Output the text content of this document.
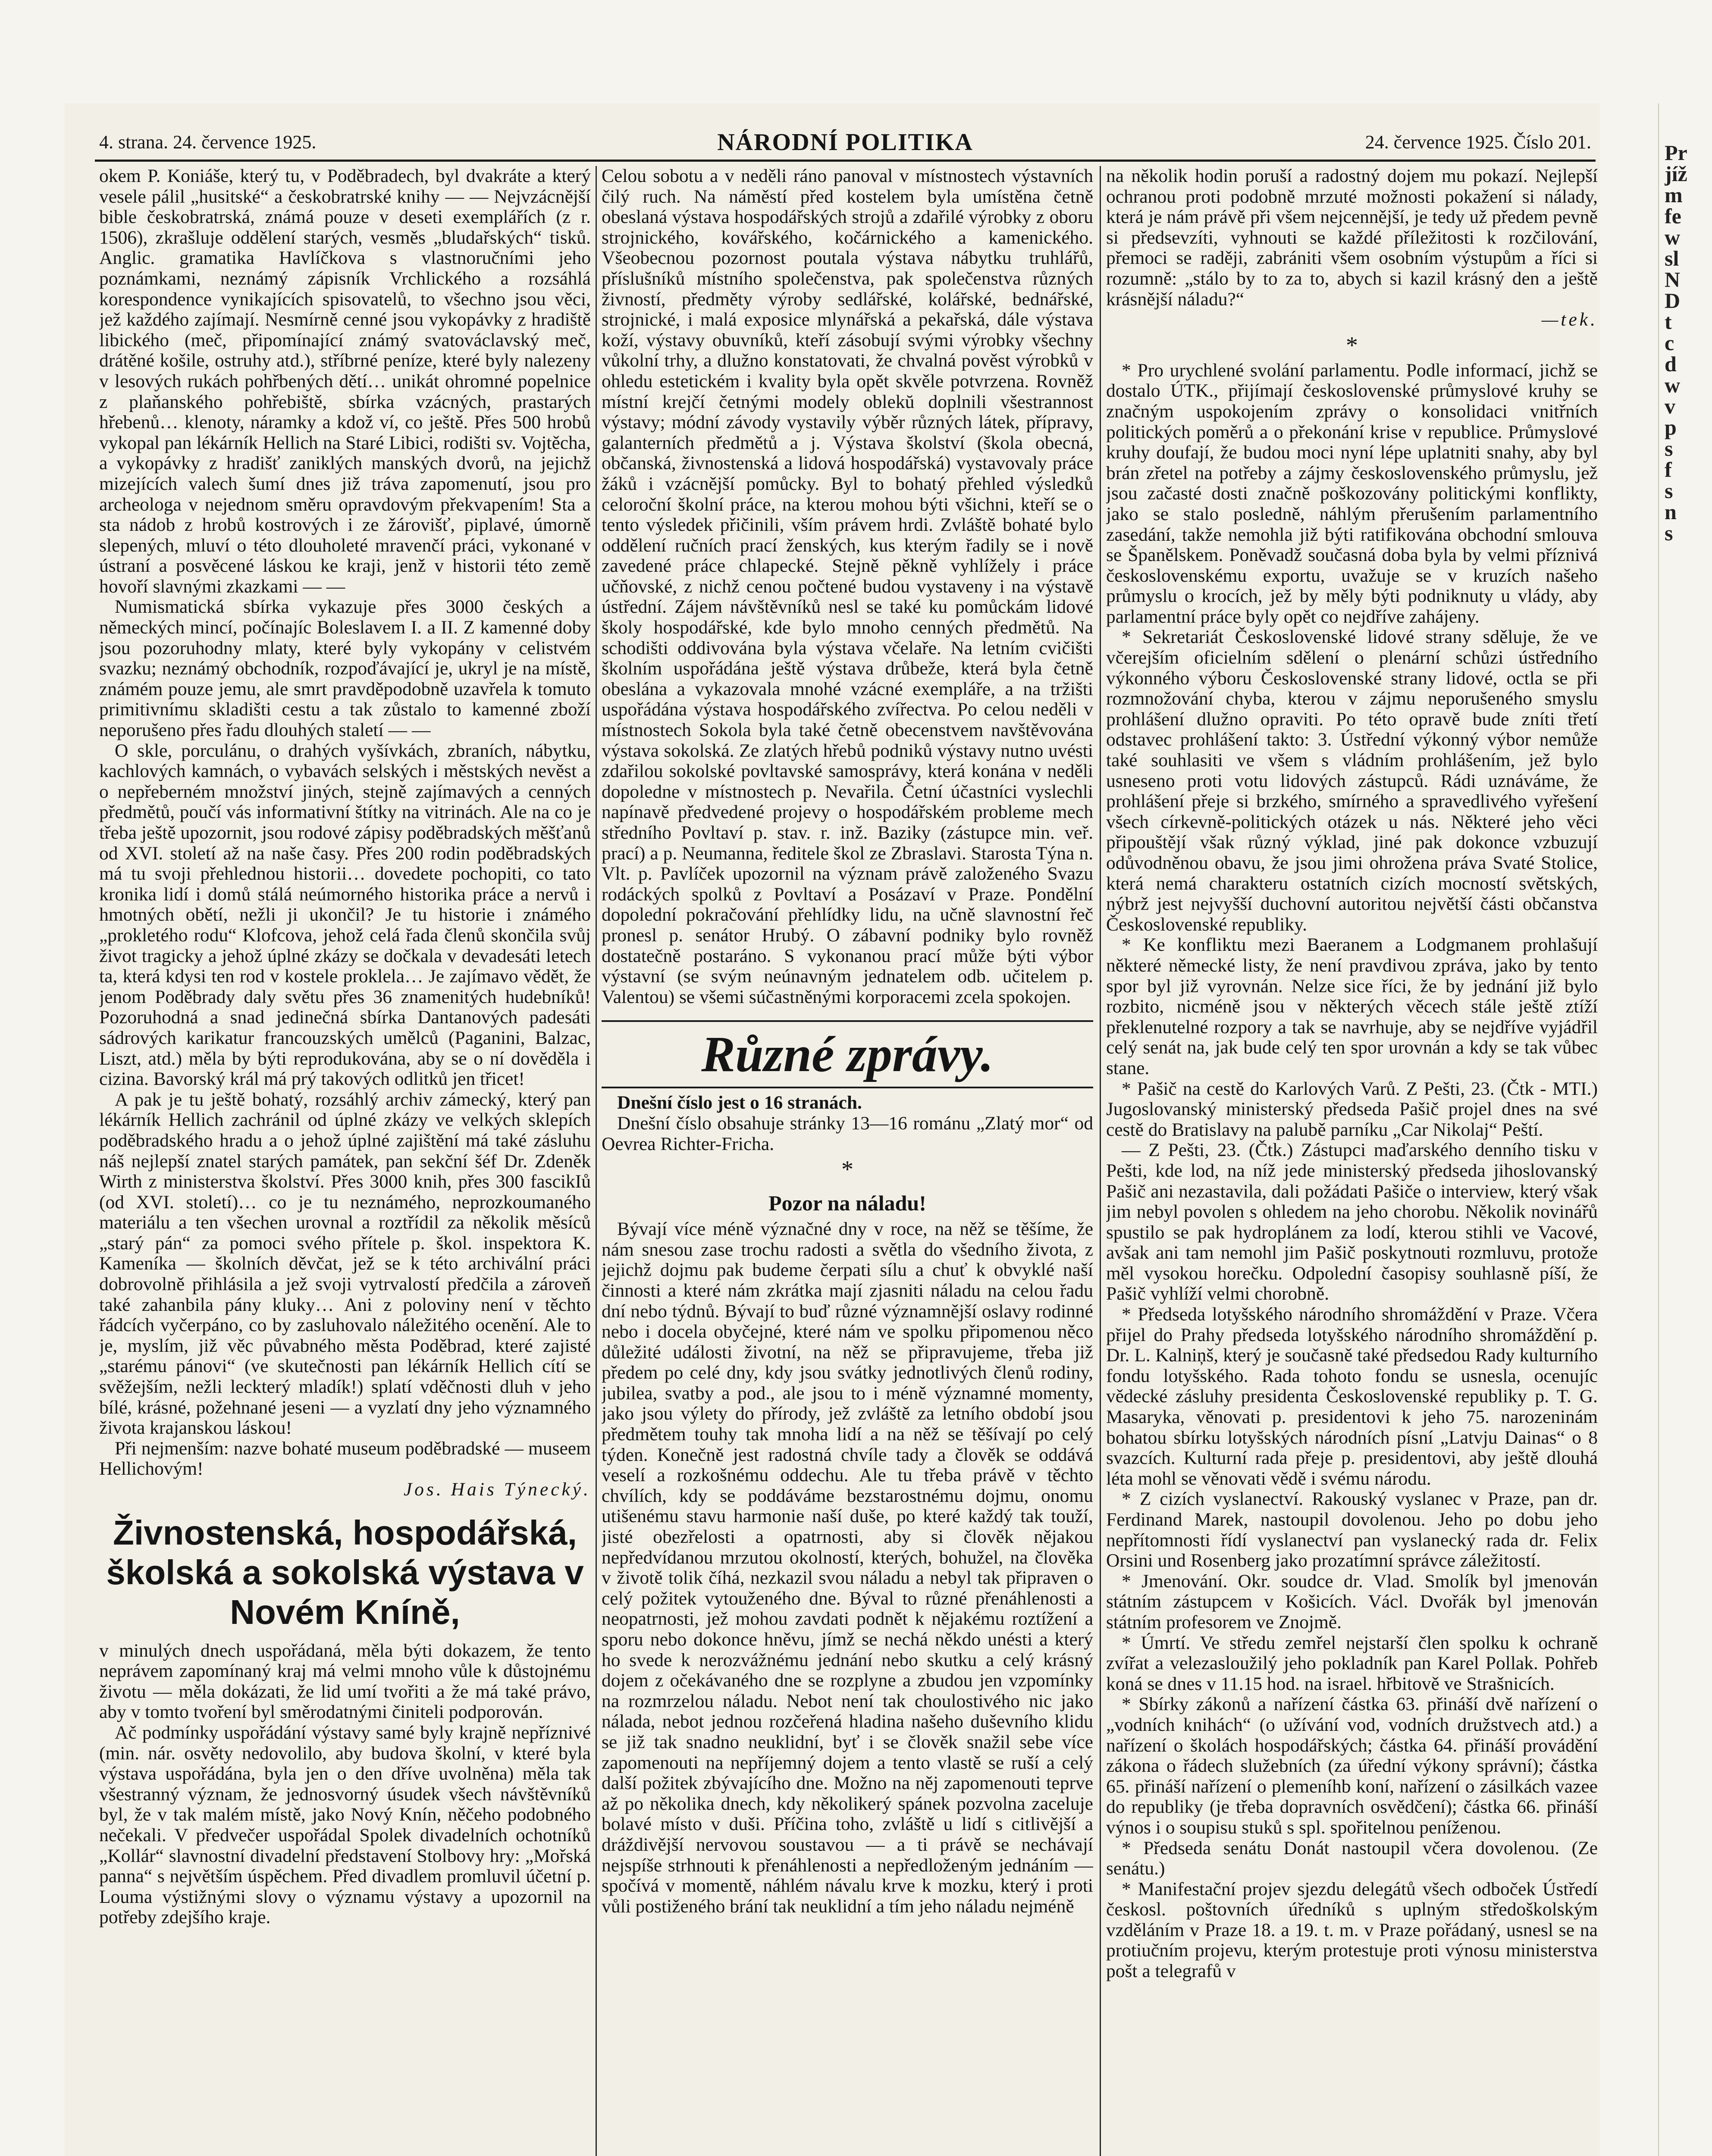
4. strana. 24. července 1925.	NÁRODNÍ POLITIKA	24. července 1925. Číslo 201.

okem P. Koniáše, který tu, v Poděbradech, byl dvakráte a který vesele pálil „husitské“ a českobratrské knihy — — Nejvzácnější bible českobratrská, známá pouze v deseti exemplářích (z r. 1506), zkrašluje oddělení starých, vesměs „bludařských“ tisků. Anglic. gramatika Havlíčkova s vlastnoručními jeho poznámkami, neznámý zápisník Vrchlického a rozsáhlá korespondence vynikajících spisovatelů, to všechno jsou věci, jež každého zajímají. Nesmírně cenné jsou vykopávky z hradiště libického (meč, připomínající známý svatováclavský meč, drátěné košile, ostruhy atd.), stříbrné peníze, které byly nalezeny v lesových rukách pohřbených dětí… unikát ohromné popelnice z plaňanského pohřebiště, sbírka vzácných, prastarých hřebenů… klenoty, náramky a kdož ví, co ještě. Přes 500 hrobů vykopal pan lékárník Hellich na Staré Libici, rodišti sv. Vojtěcha, a vykopávky z hradišť zaniklých manských dvorů, na jejichž mizejících valech šumí dnes již tráva zapomenutí, jsou pro archeologa v nejednom směru opravdovým překvapením! Sta a sta nádob z hrobů kostrových i ze žárovišť, piplavé, úmorně slepených, mluví o této dlouholeté mravenčí práci, vykonané v ústraní a posvěcené láskou ke kraji, jenž v historii této země hovoří slavnými zkazkami — —

Numismatická sbírka vykazuje přes 3000 českých a německých mincí, počínajíc Boleslavem I. a II. Z kamenné doby jsou pozoruhodny mlaty, které byly vykopány v celistvém svazku; neznámý obchodník, rozpoďávající je, ukryl je na místě, známém pouze jemu, ale smrt pravděpodobně uzavřela k tomuto primitivnímu skladišti cestu a tak zůstalo to kamenné zboží neporušeno přes řadu dlouhých staletí — —

O skle, porculánu, o drahých vyšívkách, zbraních, nábytku, kachlových kamnách, o vybavách selských i městských nevěst a o nepřeberném množství jiných, stejně zajímavých a cenných předmětů, poučí vás informativní štítky na vitrinách. Ale na co je třeba ještě upozornit, jsou rodové zápisy poděbradských měšťanů od XVI. století až na naše časy. Přes 200 rodin poděbradských má tu svoji přehlednou historii… dovedete pochopiti, co tato kronika lidí i domů stálá neúmorného historika práce a nervů i hmotných obětí, nežli ji ukončil? Je tu historie i známého „prokletého rodu“ Klofcova, jehož celá řada členů skončila svůj život tragicky a jehož úplné zkázy se dočkala v devadesáti letech ta, která kdysi ten rod v kostele proklela… Je zajímavo vědět, že jenom Poděbrady daly světu přes 36 znamenitých hudebníků! Pozoruhodná a snad jedinečná sbírka Dantanových padesáti sádrových karikatur francouzských umělců (Paganini, Balzac, Liszt, atd.) měla by býti reprodukována, aby se o ní dověděla i cizina. Bavorský král má prý takových odlitků jen třicet!

A pak je tu ještě bohatý, rozsáhlý archiv zámecký, který pan lékárník Hellich zachránil od úplné zkázy ve velkých sklepích poděbradského hradu a o jehož úplné zajištění má také zásluhu náš nejlepší znatel starých památek, pan sekční šéf Dr. Zdeněk Wirth z ministerstva školství. Přes 3000 knih, přes 300 fascikIů (od XVI. století)… co je tu neznámého, neprozkoumaného materiálu a ten všechen urovnal a roztřídil za několik měsíců „starý pán“ za pomoci svého přítele p. škol. inspektora K. Kameníka — školních děvčat, jež se k této archivální práci dobrovolně přihlásila a jež svoji vytrvalostí předčila a zároveň také zahanbila pány kluky… Ani z poloviny není v těchto řádcích vyčerpáno, co by zasluhovalo náležitého ocenění. Ale to je, myslím, již věc půvabného města Poděbrad, které zajisté „starému pánovi“ (ve skutečnosti pan lékárník Hellich cítí se svěžejším, nežli leckterý mladík!) splatí vděčnosti dluh v jeho bílé, krásné, požehnané jeseni — a vyzlatí dny jeho významného života krajanskou láskou!

Při nejmenším: nazve bohaté museum poděbradské — museem Hellichovým!

Jos. Hais Týnecký.

Živnostenská, hospodářská, školská a sokolská výstava v Novém Kníně,

v minulých dnech uspořádaná, měla býti dokazem, že tento neprávem zapomínaný kraj má velmi mnoho vůle k důstojnému životu — měla dokázati, že lid umí tvořiti a že má také právo, aby v tomto tvoření byl směrodatnými činiteli podporován.

Ač podmínky uspořádání výstavy samé byly krajně nepříznivé (min. nár. osvěty nedovolilo, aby budova školní, v které byla výstava uspořádána, byla jen o den dříve uvolněna) měla tak všestranný význam, že jednosvorný úsudek všech návštěvníků byl, že v tak malém místě, jako Nový Knín, něčeho podobného nečekali. V předvečer uspořádal Spolek divadelních ochotníků „Kollár“ slavnostní divadelní představení Stolbovy hry: „Mořská panna“ s největším úspěchem. Před divadlem promluvil účetní p. Louma výstižnými slovy o významu výstavy a upozornil na potřeby zdejšího kraje.

Celou sobotu a v neděli ráno panoval v místnostech výstavních čilý ruch. Na náměstí před kostelem byla umístěna četně obeslaná výstava hospodářských strojů a zdařilé výrobky z oboru strojnického, kovářského, kočárnického a kamenického. Všeobecnou pozornost poutala výstava nábytku truhlářů, příslušníků místního společenstva, pak společenstva různých živností, předměty výroby sedlářské, kolářské, bednářské, strojnické, i malá exposice mlynářská a pekařská, dále výstava koží, výstavy obuvníků, kteří zásobují svými výrobky všechny vůkolní trhy, a dlužno konstatovati, že chvalná pověst výrobků v ohledu estetickém i kvality byla opět skvěle potvrzena. Rovněž místní krejčí četnými modely oblekŭ doplnili všestrannost výstavy; módní závody vystavily výběr různých látek, přípravy, galanterních předmětů a j. Výstava školství (škola obecná, občanská, živnostenská a lidová hospodářská) vystavovaly práce žáků i vzácnější pomůcky. Byl to bohatý přehled výsledků celoroční školní práce, na kterou mohou býti všichni, kteří se o tento výsledek přičinili, vším právem hrdi. Zvláště bohaté bylo oddělení ručních prací ženských, kus kterým řadily se i nově zavedené práce chlapecké. Stejně pěkně vyhlížely i práce učňovské, z nichž cenou počtené budou vystaveny i na výstavě ústřední. Zájem návštěvníků nesl se také ku pomůckám lidové školy hospodářské, kde bylo mnoho cenných předmětů. Na schodišti oddivována byla výstava včelaře. Na letním cvičišti školním uspořádána ještě výstava drůbeže, která byla četně obeslána a vykazovala mnohé vzácné exempláře, a na tržišti uspořádána výstava hospodářského zvířectva. Po celou neděli v místnostech Sokola byla také četně obecenstvem navštěvována výstava sokolská. Ze zlatých hřebů podniků výstavy nutno uvésti zdařilou sokolské povltavské samosprávy, která konána v neděli dopoledne v místnostech p. Nevařila. Četní účastníci vyslechli napínavě předvedené projevy o hospodářském probleme mech středního Povltaví p. stav. r. inž. Baziky (zástupce min. veř. prací) a p. Neumanna, ředitele škol ze Zbraslavi. Starosta Týna n. Vlt. p. Pavlíček upozornil na význam právě založeného Svazu rodáckých spolků z Povltaví a Posázaví v Praze. Pondělní dopolední pokračování přehlídky lidu, na učně slavnostní řeč pronesl p. senátor Hrubý. O zábavní podniky bylo rovněž dostatečně postaráno. S vykonanou prací může býti výbor výstavní (se svým neúnavným jednatelem odb. učitelem p. Valentou) se všemi súčastněnými korporacemi zcela spokojen.

Různé zprávy.

Dnešní číslo jest o 16 stranách.

Dnešní číslo obsahuje stránky 13—16 románu „Zlatý mor“ od Oevrea Richter-Fricha.

*
Pozor na náladu!

Bývají více méně význačné dny v roce, na něž se těšíme, že nám snesou zase trochu radosti a světla do všedního života, z jejichž dojmu pak budeme čerpati sílu a chuť k obvyklé naší činnosti a které nám zkrátka mají zjasniti náladu na celou řadu dní nebo týdnů. Bývají to buď různé významnější oslavy rodinné nebo i docela obyčejné, které nám ve spolku připomenou něco důležité události životní, na něž se připravujeme, třeba již předem po celé dny, kdy jsou svátky jednotlivých členů rodiny, jubilea, svatby a pod., ale jsou to i méně významné momenty, jako jsou výlety do přírody, jež zvláště za letního období jsou předmětem touhy tak mnoha lidí a na něž se těšívají po celý týden. Konečně jest radostná chvíle tady a člověk se oddává veselí a rozkošnému oddechu. Ale tu třeba právě v těchto chvílích, kdy se poddáváme bezstarostnému dojmu, onomu utišenému stavu harmonie naší duše, po které každý tak touží, jisté obezřelosti a opatrnosti, aby si člověk nějakou nepředvídanou mrzutou okolností, kterých, bohužel, na člověka v životě tolik číhá, nezkazil svou náladu a nebyl tak připraven o celý požitek vytouženého dne. Býval to různé přenáhlenosti a neopatrnosti, jež mohou zavdati podnět k nějakému roztížení a sporu nebo dokonce hněvu, jímž se nechá někdo unésti a který ho svede k nerozvážnému jednání nebo skutku a celý krásný dojem z očekávaného dne se rozplyne a zbudou jen vzpomínky na rozmrzelou náladu. Nebot není tak choulostivého nic jako nálada, nebot jednou rozčeřená hladina našeho duševního klidu se již tak snadno neuklidní, byť i se člověk snažil sebe více zapomenouti na nepříjemný dojem a tento vlastě se ruší a celý další požitek zbývajícího dne. Možno na něj zapomenouti teprve až po několika dnech, kdy několikerý spánek pozvolna zaceluje bolavé místo v duši. Příčina toho, zvláště u lidí s citlivější a dráždivější nervovou soustavou — a ti právě se nechávají nejspíše strhnouti k přenáhlenosti a nepředloženým jednáním — spočívá v momentě, náhlém návalu krve k mozku, který i proti vůli postiženého brání tak neuklidní a tím jeho náladu nejméně

na několik hodin poruší a radostný dojem mu pokazí. Nejlepší ochranou proti podobně mrzuté možnosti pokažení si nálady, která je nám právě při všem nejcennější, je tedy už předem pevně si předsevzíti, vyhnouti se každé příležitosti k rozčilování, přemoci se raději, zabrániti všem osobním výstupům a říci si rozumně: „stálo by to za to, abych si kazil krásný den a ještě krásnější náladu?“

—tek.

*

* Pro urychlené svolání parlamentu. Podle informací, jichž se dostalo ÚTK., přijímají československé průmyslové kruhy se značným uspokojením zprávy o konsolidaci vnitřních politických poměrů a o překonání krise v republice. Průmyslové kruhy doufají, že budou moci nyní lépe uplatniti snahy, aby byl brán zřetel na potřeby a zájmy československého průmyslu, jež jsou začasté dosti značně poškozovány politickými konflikty, jako se stalo posledně, náhlým přerušením parlamentního zasedání, takže nemohla již býti ratifikována obchodní smlouva se Španělskem. Poněvadž současná doba byla by velmi příznivá československému exportu, uvažuje se v kruzích našeho průmyslu o krocích, jež by měly býti podniknuty u vlády, aby parlamentní práce byly opět co nejdříve zahájeny.

* Sekretariát Československé lidové strany sděluje, že ve včerejším oficielním sdělení o plenární schůzi ústředního výkonného výboru Československé strany lidové, octla se při rozmnožování chyba, kterou v zájmu neporušeného smyslu prohlášení dlužno opraviti. Po této opravě bude zníti třetí odstavec prohlášení takto: 3. Ústřední výkonný výbor nemůže také souhlasiti ve všem s vládním prohlášením, jež bylo usneseno proti votu lidových zástupců. Rádi uznáváme, že prohlášení přeje si brzkého, smírného a spravedlivého vyřešení všech církevně-politických otázek u nás. Některé jeho věci připouštějí však různý výklad, jiné pak dokonce vzbuzují odůvodněnou obavu, že jsou jimi ohrožena práva Svaté Stolice, která nemá charakteru ostatních cizích mocností světských, nýbrž jest nejvyšší duchovní autoritou největší části občanstva Československé republiky.

* Ke konfliktu mezi Baeranem a Lodgmanem prohlašují některé německé listy, že není pravdivou zpráva, jako by tento spor byl již vyrovnán. Nelze sice říci, že by jednání již bylo rozbito, nicméně jsou v některých věcech stále ještě ztíží překlenutelné rozpory a tak se navrhuje, aby se nejdříve vyjádřil celý senát na, jak bude celý ten spor urovnán a kdy se tak vůbec stane.

* Pašič na cestě do Karlových Varů. Z Pešti, 23. (Čtk - MTI.) Jugoslovanský ministerský předseda Pašič projel dnes na své cestě do Bratislavy na palubě parníku „Car Nikolaj“ Peští.

— Z Pešti, 23. (Čtk.) Zástupci maďarského denního tisku v Pešti, kde lod, na níž jede ministerský předseda jihoslovanský Pašič ani nezastavila, dali požádati Pašiče o interview, který však jim nebyl povolen s ohledem na jeho chorobu. Několik novinářů spustilo se pak hydroplánem za lodí, kterou stihli ve Vacové, avšak ani tam nemohl jim Pašič poskytnouti rozmluvu, protože měl vysokou horečku. Odpolední časopisy souhlasně píší, že Pašič vyhlíží velmi chorobně.

* Předseda lotyšského národního shromáždění v Praze. Včera přijel do Prahy předseda lotyšského národního shromáždění p. Dr. L. Kalniņš, který je současně také předsedou Rady kulturního fondu lotyšského. Rada tohoto fondu se usnesla, ocenujíc vědecké zásluhy presidenta Československé republiky p. T. G. Masaryka, věnovati p. presidentovi k jeho 75. narozeninám bohatou sbírku lotyšských národních písní „Latvju Dainas“ o 8 svazcích. Kulturní rada přeje p. presidentovi, aby ještě dlouhá léta mohl se věnovati vědě i svému národu.

* Z cizích vyslanectví. Rakouský vyslanec v Praze, pan dr. Ferdinand Marek, nastoupil dovolenou. Jeho po dobu jeho nepřítomnosti řídí vyslanectví pan vyslanecký rada dr. Felix Orsini und Rosenberg jako prozatímní správce záležitostí.

* Jmenování. Okr. soudce dr. Vlad. Smolík byl jmenován státním zástupcem v Košicích. Václ. Dvořák byl jmenován státním profesorem ve Znojmě.

* Úmrtí. Ve středu zemřel nejstarší člen spolku k ochraně zvířat a velezasloužilý jeho pokladník pan Karel Pollak. Pohřeb koná se dnes v 11.15 hod. na israel. hřbitově ve Strašnicích.

* Sbírky zákonů a nařízení částka 63. přináší dvě nařízení o „vodních knihách“ (o užívání vod, vodních družstvech atd.) a nařízení o školách hospodářských; částka 64. přináší provádění zákona o řádech služebních (za úřední výkony správní); částka 65. přináší nařízení o plemeníhb koní, nařízení o zásilkách vazee do republiky (je třeba dopravních osvědčení); částka 66. přináší výnos i o soupisu stuků s spl. spořitelnou peníženou.

* Předseda senátu Donát nastoupil včera dovolenou. (Ze senátu.)

* Manifestační projev sjezdu delegátů všech odboček Ústředí českosl. poštovních úředníků s uplným středoškolským vzděláním v Praze 18. a 19. t. m. v Praze pořádaný, usnesl se na protiučním projevu, kterým protestuje proti výnosu ministerstva pošt a telegrafů v

Pr
jíž
m
fe
w
sl
N
D
t
c
d
w
v
p
s
f
s
n
s
